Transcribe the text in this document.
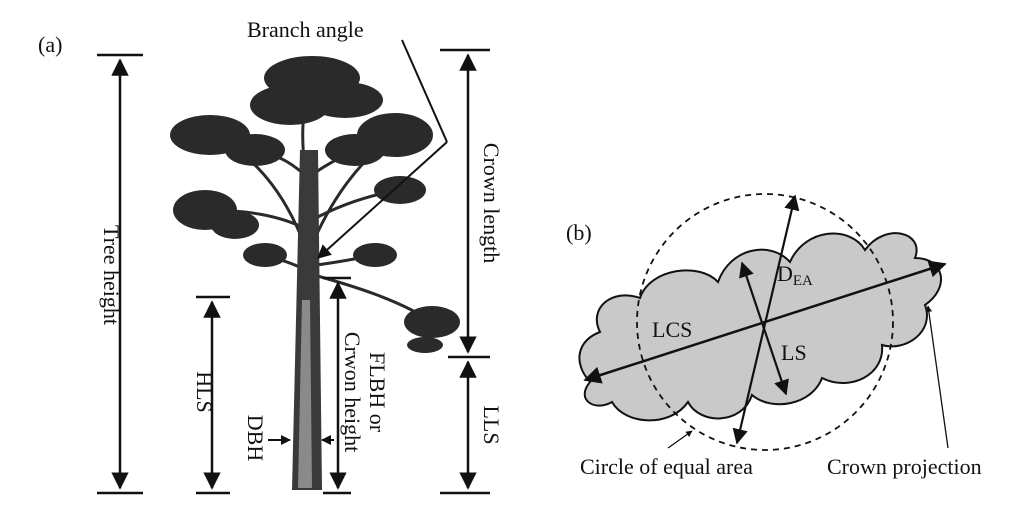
(a)
Tree height
HLS
DBH
FLBH or
Crwon height
Crown length
LLS
Branch angle
(b)
DEA
LCS
LS
Circle of equal area	Crown projection
